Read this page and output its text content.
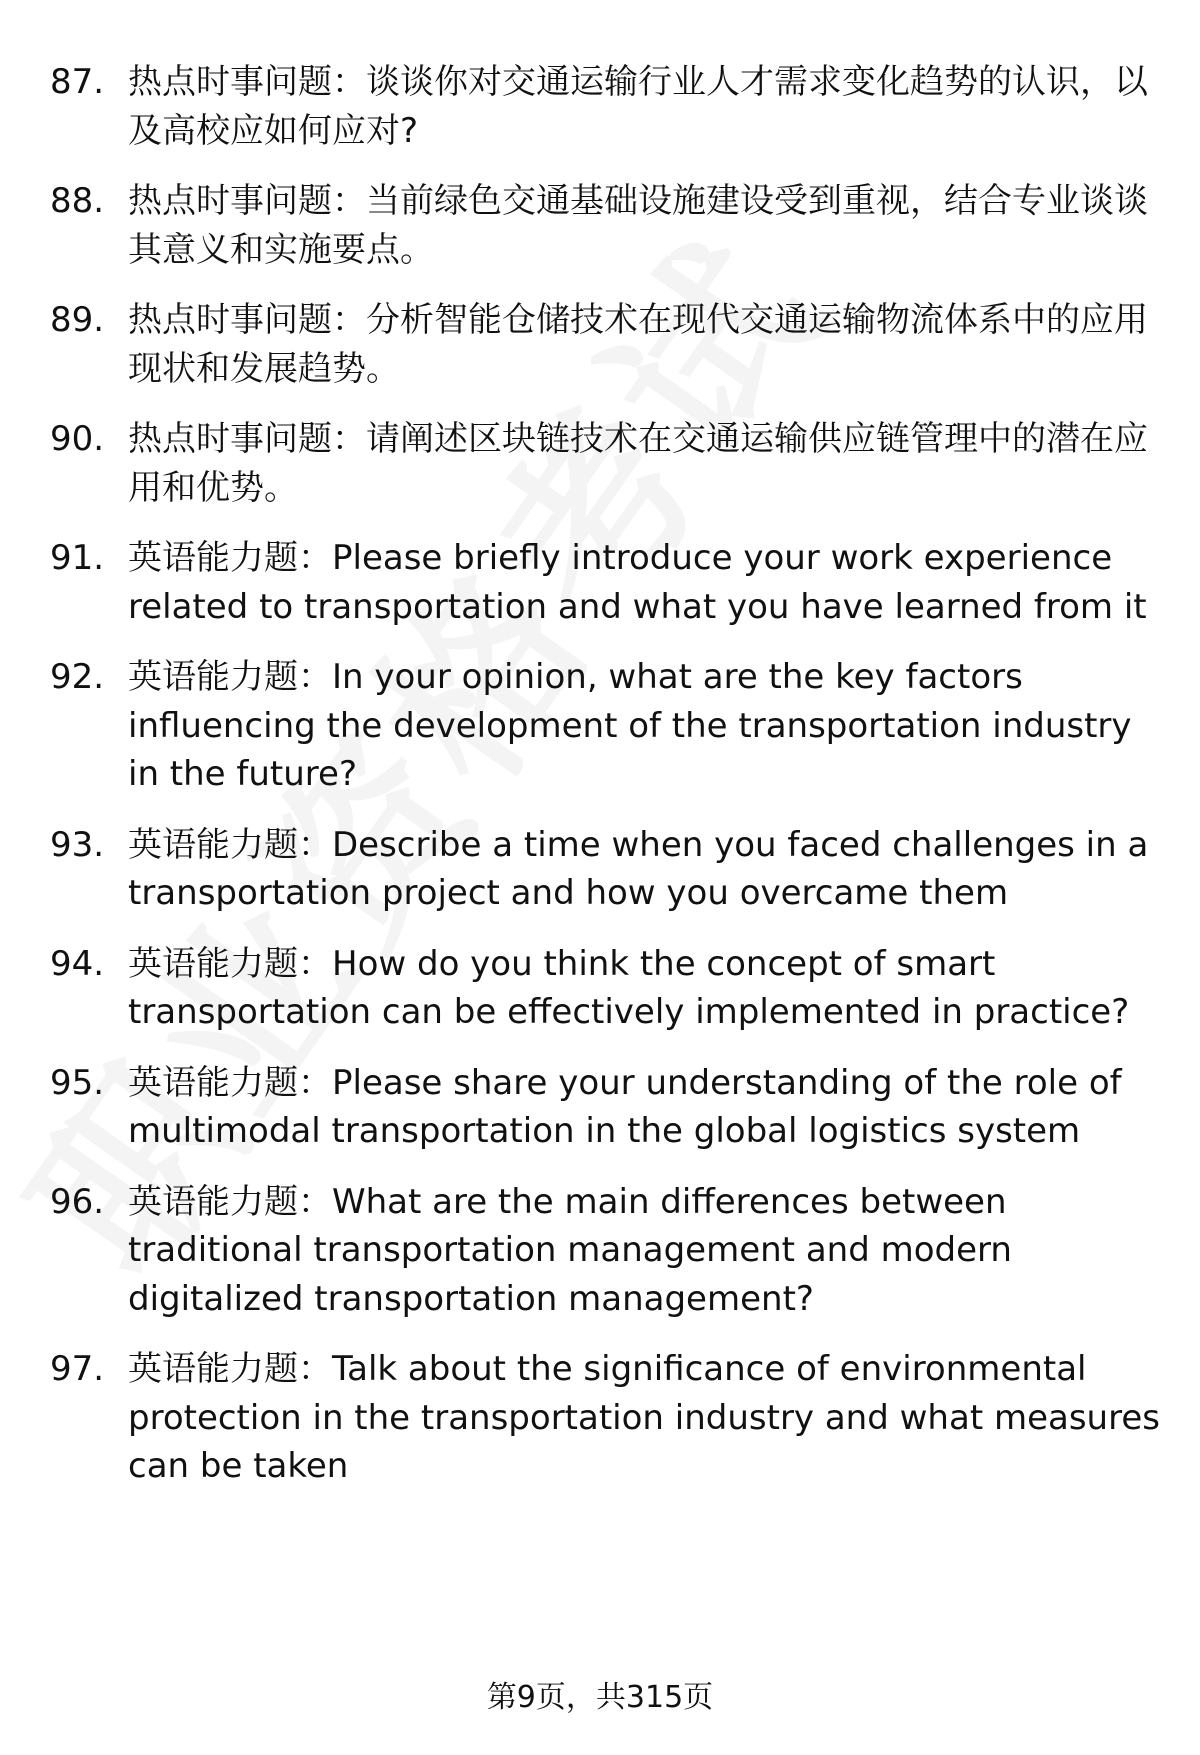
87. 热点时事问题：谈谈你对交通运输行业人才需求变化趋势的认识，以及高校应如何应对?
88. 热点时事问题：当前绿色交通基础设施建设受到重视，结合专业谈谈其意义和实施要点。
89. 热点时事问题：分析智能仓储技术在现代交通运输物流体系中的应用现状和发展趋势。
90. 热点时事问题：请阐述区块链技术在交通运输供应链管理中的潜在应用和优势。
91. 英语能力题：Please briefly introduce your work experience related to transportation and what you have learned from it
92. 英语能力题：In your opinion, what are the key factors influencing the development of the transportation industry in the future?
93. 英语能力题：Describe a time when you faced challenges in a transportation project and how you overcame them
94. 英语能力题：How do you think the concept of smart transportation can be effectively implemented in practice?
95. 英语能力题：Please share your understanding of the role of multimodal transportation in the global logistics system
96. 英语能力题：What are the main differences between traditional transportation management and modern digitalized transportation management?
97. 英语能力题：Talk about the significance of environmental protection in the transportation industry and what measures can be taken
第9页，共315页
